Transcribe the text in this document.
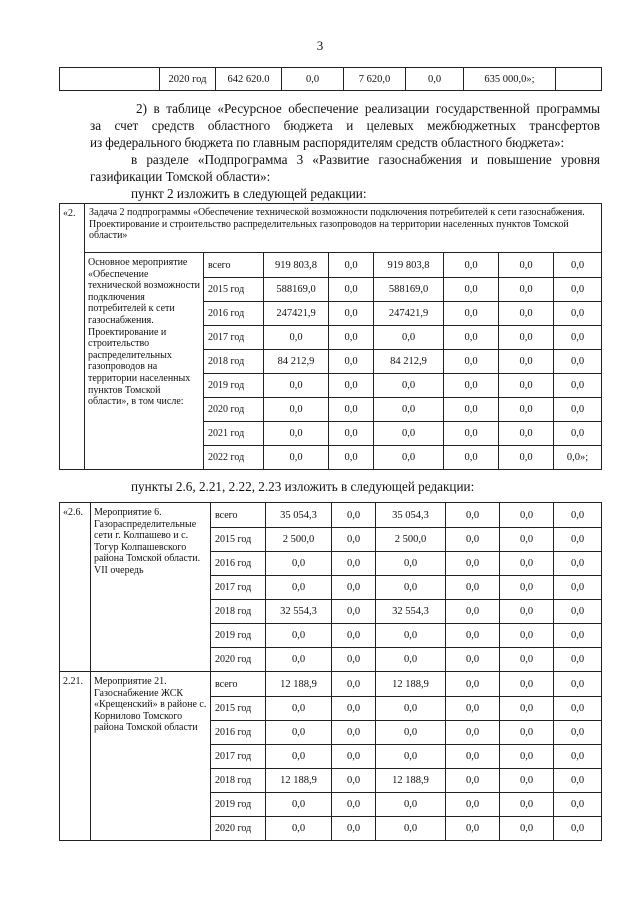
3
	2020 год	642 620.0	0,0	7 620,0	0,0	635 000,0»;	
2) в таблице «Ресурсное обеспечение реализации государственной программы
за счет средств областного бюджета и целевых межбюджетных трансфертов
из федерального бюджета по главным распорядителям средств областного бюджета»:
в разделе «Подпрограмма 3 «Развитие газоснабжения и повышение уровня
газификации Томской области»:
пункт 2 изложить в следующей редакции:
«2.	Задача 2 подпрограммы «Обеспечение технической возможности подключения потребителей к сети газоснабжения. Проектирование и строительство распределительных газопроводов на территории населенных пунктов Томской области»							
	Основное мероприятие «Обеспечение технической возможности подключения потребителей к сети газоснабжения. Проектирование и строительство распределительных газопроводов на территории населенных пунктов Томской области», в том числе:	всего	919 803,8	0,0	919 803,8	0,0	0,0	0,0
		2015 год	588169,0	0,0	588169,0	0,0	0,0	0,0
		2016 год	247421,9	0,0	247421,9	0,0	0,0	0,0
		2017 год	0,0	0,0	0,0	0,0	0,0	0,0
		2018 год	84 212,9	0,0	84 212,9	0,0	0,0	0,0
		2019 год	0,0	0,0	0,0	0,0	0,0	0,0
		2020 год	0,0	0,0	0,0	0,0	0,0	0,0
		2021 год	0,0	0,0	0,0	0,0	0,0	0,0
		2022 год	0,0	0,0	0,0	0,0	0,0	0,0»;
пункты 2.6, 2.21, 2.22, 2.23 изложить в следующей редакции:
«2.6.	Мероприятие 6. Газораспределительные сети г. Колпашево и с. Тогур Колпашевского района Томской области. VII очередь	всего	35 054,3	0,0	35 054,3	0,0	0,0	0,0
		2015 год	2 500,0	0,0	2 500,0	0,0	0,0	0,0
		2016 год	0,0	0,0	0,0	0,0	0,0	0,0
		2017 год	0,0	0,0	0,0	0,0	0,0	0,0
		2018 год	32 554,3	0,0	32 554,3	0,0	0,0	0,0
		2019 год	0,0	0,0	0,0	0,0	0,0	0,0
		2020 год	0,0	0,0	0,0	0,0	0,0	0,0
2.21.	Мероприятие 21. Газоснабжение ЖСК «Крещенский» в районе с. Корнилово Томского района Томской области	всего	12 188,9	0,0	12 188,9	0,0	0,0	0,0
		2015 год	0,0	0,0	0,0	0,0	0,0	0,0
		2016 год	0,0	0,0	0,0	0,0	0,0	0,0
		2017 год	0,0	0,0	0,0	0,0	0,0	0,0
		2018 год	12 188,9	0,0	12 188,9	0,0	0,0	0,0
		2019 год	0,0	0,0	0,0	0,0	0,0	0,0
		2020 год	0,0	0,0	0,0	0,0	0,0	0,0
